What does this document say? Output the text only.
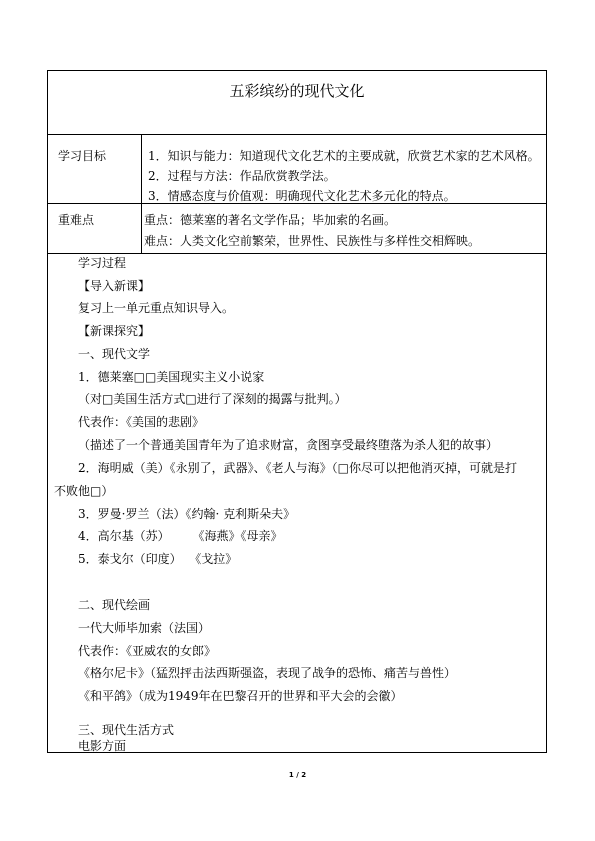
五彩缤纷的现代文化
学习目标	1．知识与能力：知道现代文化艺术的主要成就，欣赏艺术家的艺术风格。
2．过程与方法：作品欣赏教学法。
3．情感态度与价值观：明确现代文化艺术多元化的特点。
重难点	重点：德莱塞的著名文学作品；毕加索的名画。
难点：人类文化空前繁荣，世界性、民族性与多样性交相辉映。
学习过程
【导入新课】
复习上一单元重点知识导入。
【新课探究】
一、现代文学
1．德莱塞□□美国现实主义小说家
（对□美国生活方式□进行了深刻的揭露与批判。）
代表作：《美国的悲剧》
（描述了一个普通美国青年为了追求财富，贪图享受最终堕落为杀人犯的故事）
2．海明威（美）《永别了，武器》、《老人与海》（□你尽可以把他消灭掉，可就是打
不败他□）
3．罗曼·罗兰（法）《约翰· 克利斯朵夫》
4．高尔基（苏）      《海燕》《母亲》
5．泰戈尔（印度）  《戈拉》
二、现代绘画
一代大师毕加索（法国）
代表作：《亚威农的女郎》
《格尔尼卡》（猛烈抨击法西斯强盗，表现了战争的恐怖、痛苦与兽性）
《和平鸽》（成为1949年在巴黎召开的世界和平大会的会徽）
三、现代生活方式
电影方面
1 / 2
